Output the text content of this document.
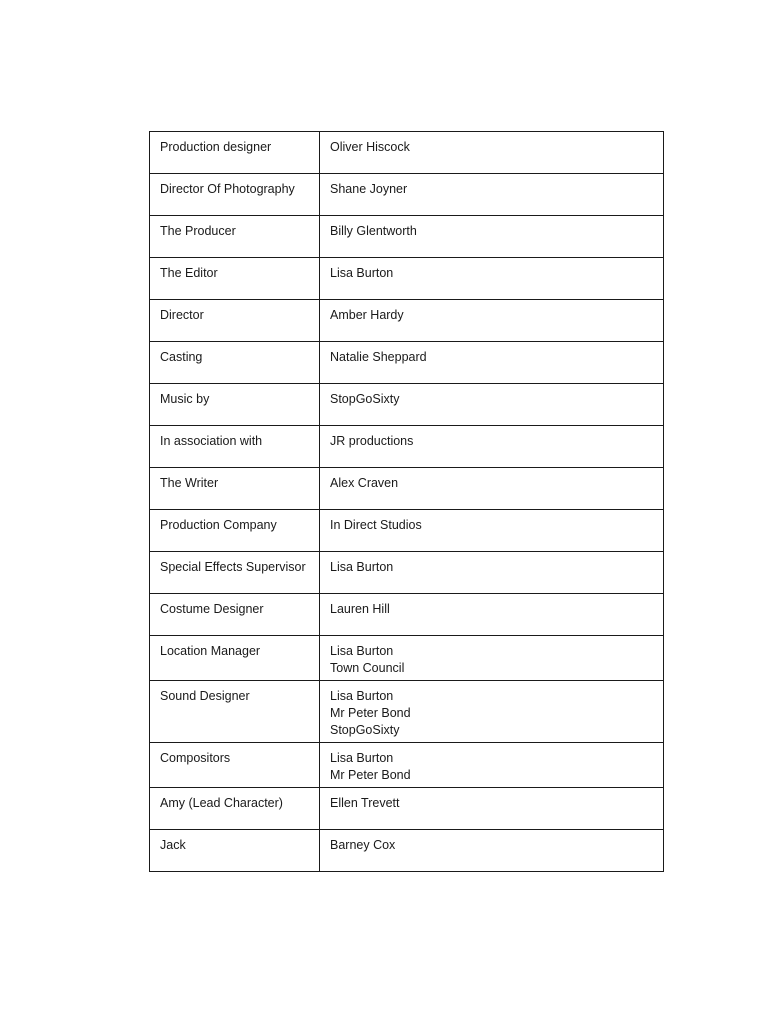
Production designer	Oliver Hiscock

Director Of Photography	Shane Joyner

The Producer	Billy Glentworth

The Editor	Lisa Burton

Director	Amber Hardy

Casting	Natalie Sheppard

Music by	StopGoSixty

In association with	JR productions

The Writer	Alex Craven

Production Company	In Direct Studios

Special Effects Supervisor	Lisa Burton

Costume Designer	Lauren Hill

Location Manager	Lisa Burton
Town Council

Sound Designer	Lisa Burton
Mr Peter Bond
StopGoSixty

Compositors	Lisa Burton
Mr Peter Bond

Amy (Lead Character)	Ellen Trevett

Jack	Barney Cox
